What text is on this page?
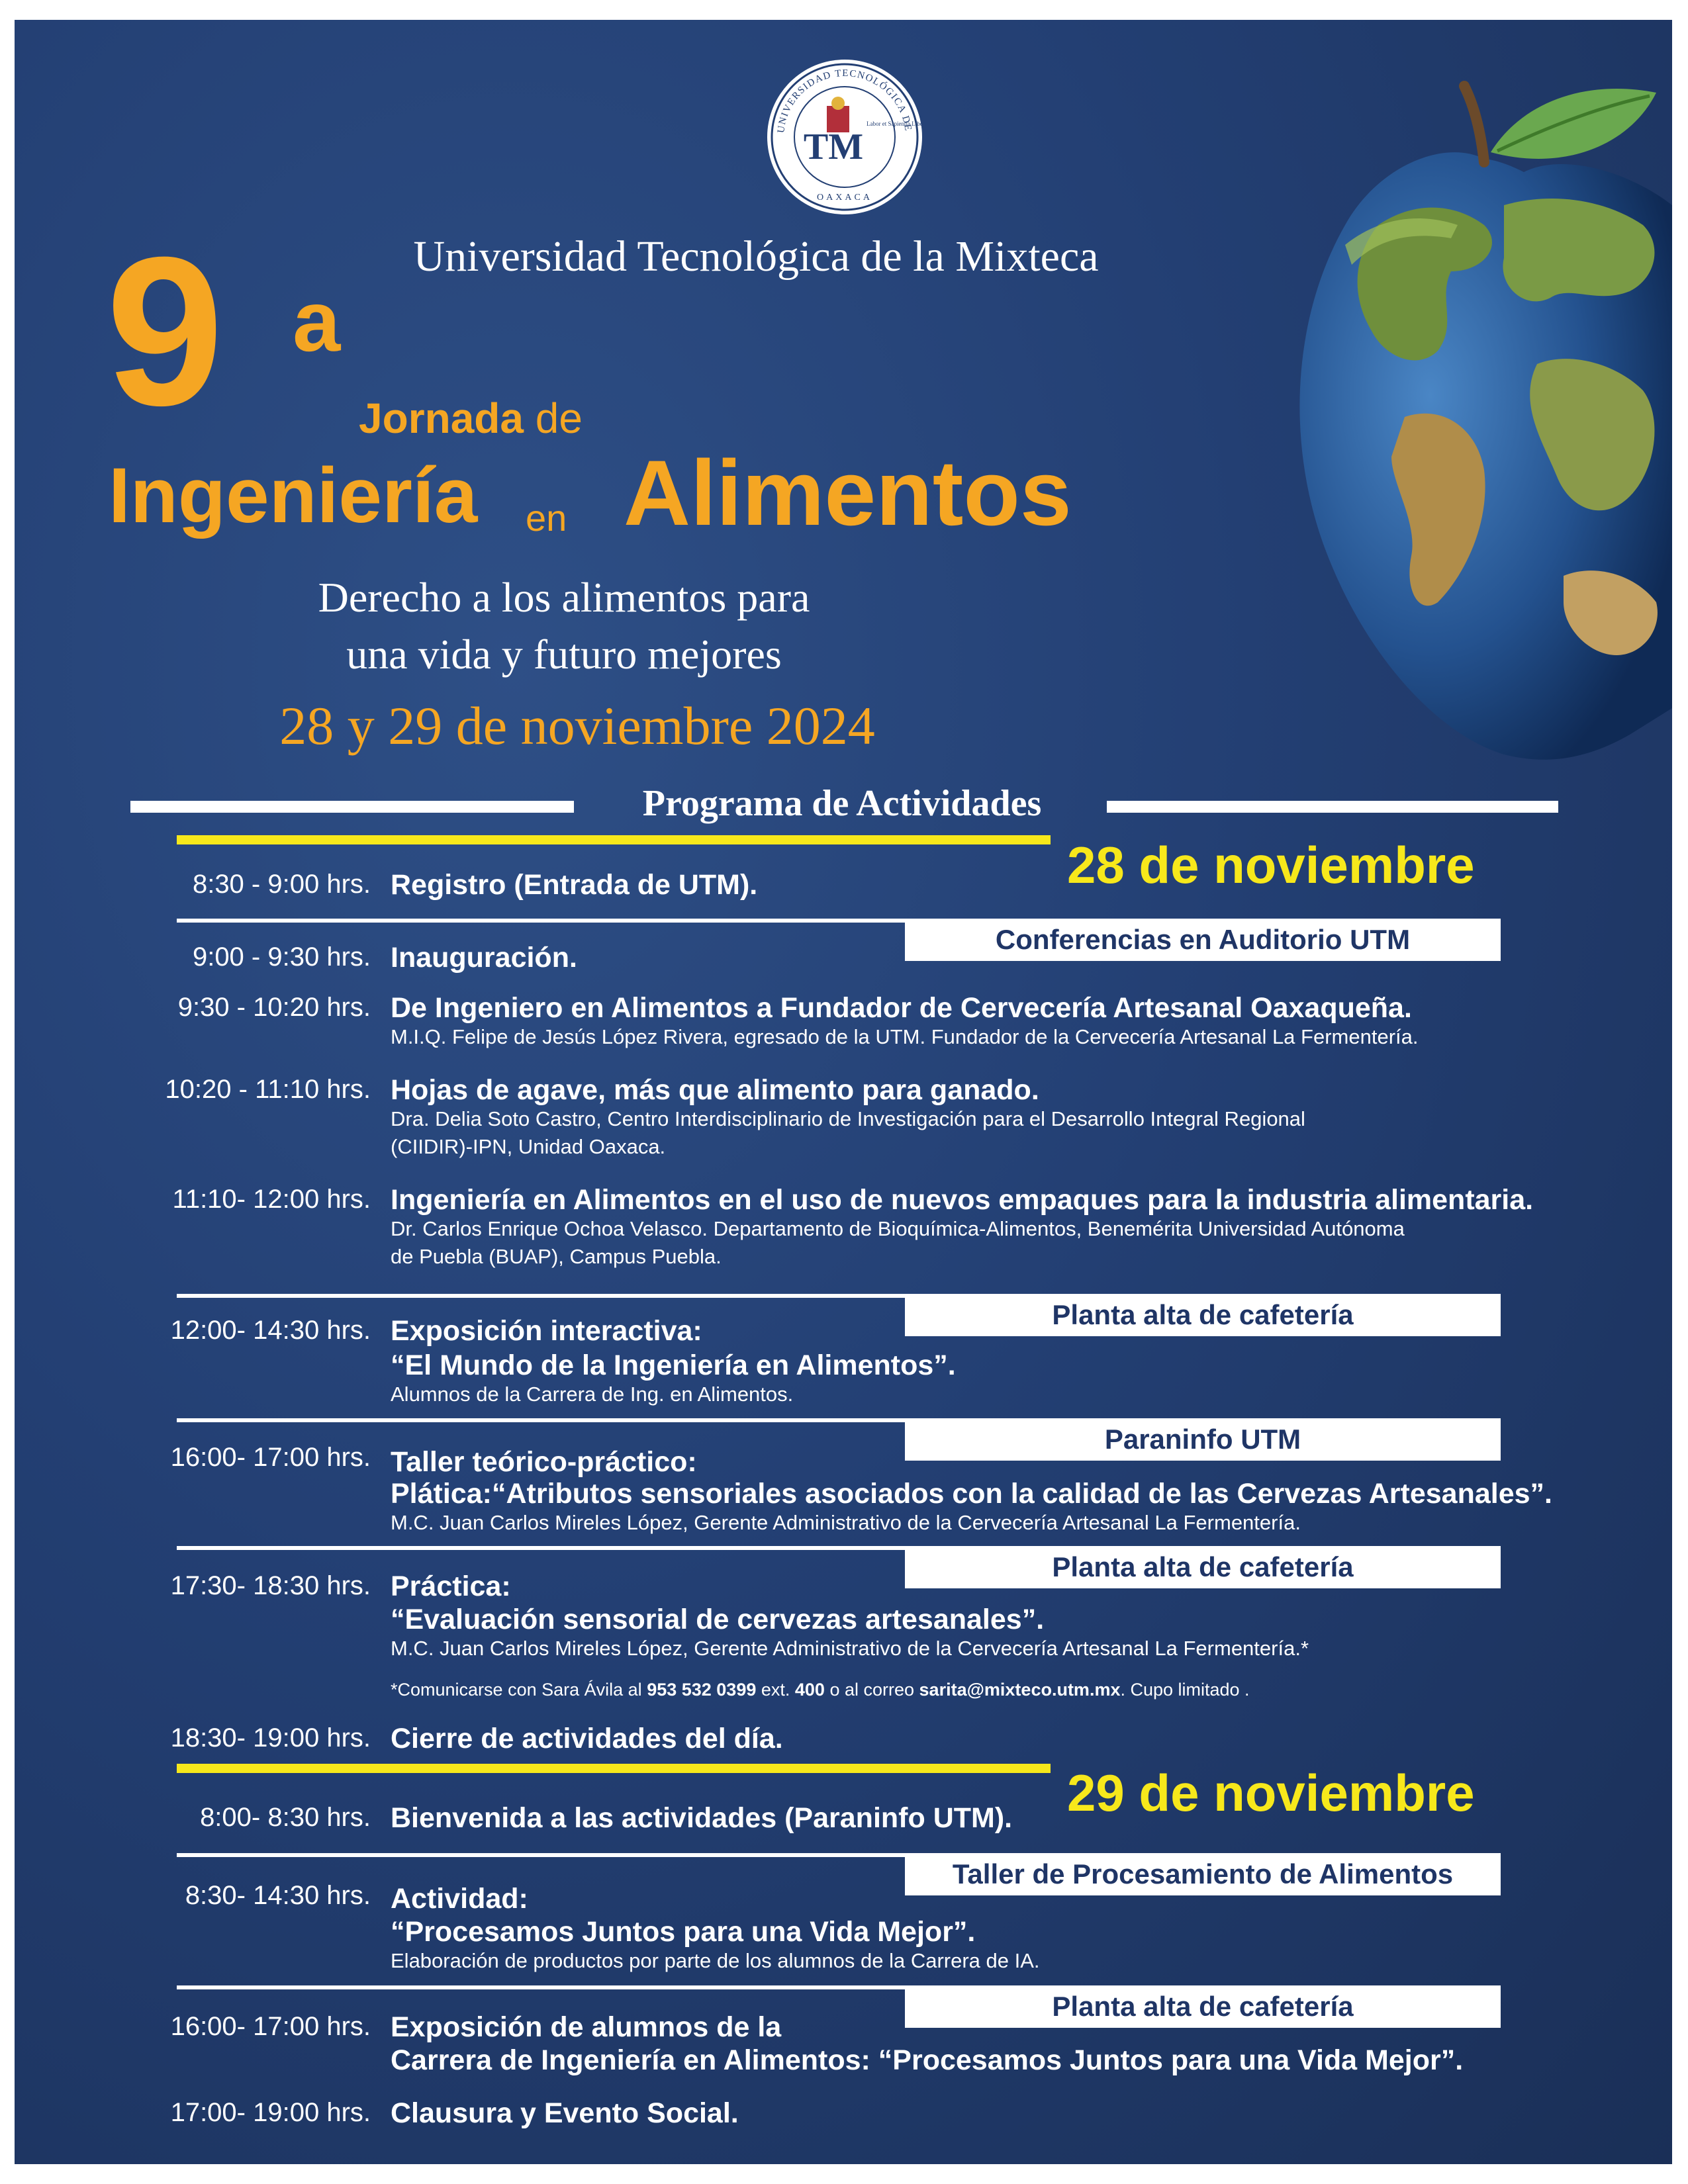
UNIVERSIDAD TECNOLÓGICA DE
OAXACA
TM
Labor et Sapientia Libe
Universidad Tecnológica de la Mixteca
9 a
Jornada de
Ingeniería en Alimentos
Derecho a los alimentos para
una vida y futuro mejores
28 y 29 de noviembre 2024
Programa de Actividades
28 de noviembre
8:30 - 9:00 hrs. Registro (Entrada de UTM).
Conferencias en Auditorio UTM
9:00 - 9:30 hrs. Inauguración.
9:30 - 10:20 hrs. De Ingeniero en Alimentos a Fundador de Cervecería Artesanal Oaxaqueña.
M.I.Q. Felipe de Jesús López Rivera, egresado de la UTM. Fundador de la Cervecería Artesanal La Fermentería.
10:20 - 11:10 hrs. Hojas de agave, más que alimento para ganado.
Dra. Delia Soto Castro, Centro Interdisciplinario de Investigación para el Desarrollo Integral Regional
(CIIDIR)-IPN, Unidad Oaxaca.
11:10- 12:00 hrs. Ingeniería en Alimentos en el uso de nuevos empaques para la industria alimentaria.
Dr. Carlos Enrique Ochoa Velasco. Departamento de Bioquímica-Alimentos, Benemérita Universidad Autónoma
de Puebla (BUAP), Campus Puebla.
Planta alta de cafetería
12:00- 14:30 hrs. Exposición interactiva:
“El Mundo de la Ingeniería en Alimentos”.
Alumnos de la Carrera de Ing. en Alimentos.
Paraninfo UTM
16:00- 17:00 hrs. Taller teórico-práctico:
Plática:“Atributos sensoriales asociados con la calidad de las Cervezas Artesanales”.
M.C. Juan Carlos Mireles López, Gerente Administrativo de la Cervecería Artesanal La Fermentería.
Planta alta de cafetería
17:30- 18:30 hrs. Práctica:
“Evaluación sensorial de cervezas artesanales”.
M.C. Juan Carlos Mireles López, Gerente Administrativo de la Cervecería Artesanal La Fermentería.*
*Comunicarse con Sara Ávila al 953 532 0399 ext. 400 o al correo sarita@mixteco.utm.mx. Cupo limitado .
18:30- 19:00 hrs. Cierre de actividades del día.
29 de noviembre
8:00- 8:30 hrs. Bienvenida a las actividades (Paraninfo UTM).
Taller de Procesamiento de Alimentos
8:30- 14:30 hrs. Actividad:
“Procesamos Juntos para una Vida Mejor”.
Elaboración de productos por parte de los alumnos de la Carrera de IA.
Planta alta de cafetería
16:00- 17:00 hrs. Exposición de alumnos de la
Carrera de Ingeniería en Alimentos: “Procesamos Juntos para una Vida Mejor”.
17:00- 19:00 hrs. Clausura y Evento Social.
